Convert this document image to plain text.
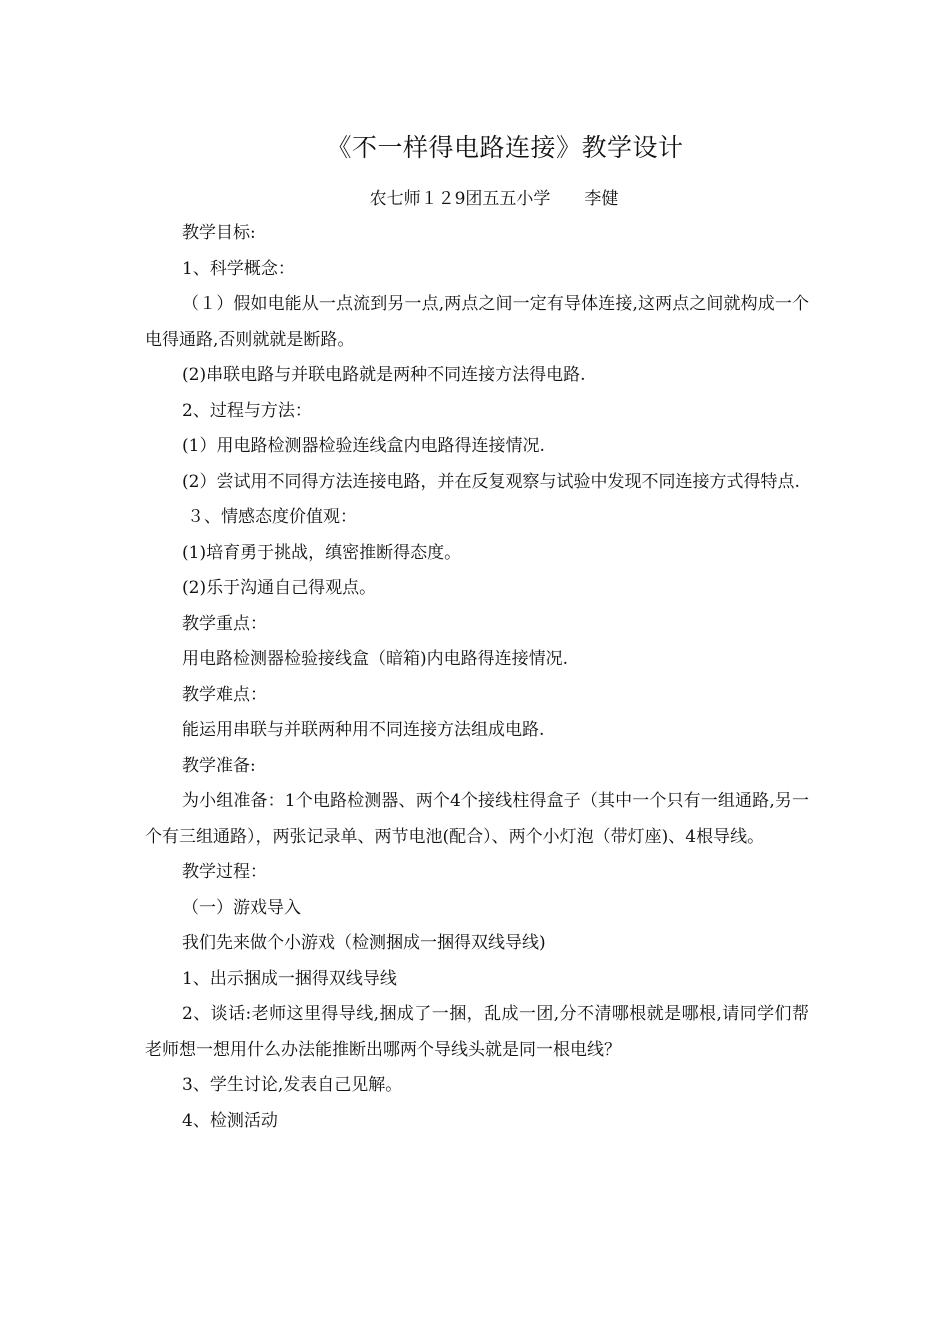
《不一样得电路连接》教学设计
农七师１２9团五五小学　　李健

教学目标:

1、科学概念：

（１）假如电能从一点流到另一点,两点之间一定有导体连接,这两点之间就构成一个电得通路,否则就就是断路。

(2)串联电路与并联电路就是两种不同连接方法得电路.

2、过程与方法：

(1）用电路检测器检验连线盒内电路得连接情况.

(2）尝试用不同得方法连接电路，并在反复观察与试验中发现不同连接方式得特点.

３、情感态度价值观：

(1)培育勇于挑战，缜密推断得态度。

(2)乐于沟通自己得观点。

教学重点：

用电路检测器检验接线盒（暗箱)内电路得连接情况.

教学难点：

能运用串联与并联两种用不同连接方法组成电路.

教学准备:

为小组准备：1个电路检测器、两个4个接线柱得盒子（其中一个只有一组通路,另一个有三组通路），两张记录单、两节电池(配合）、两个小灯泡（带灯座)、4根导线。

教学过程：

（一）游戏导入

我们先来做个小游戏（检测捆成一捆得双线导线)

1、出示捆成一捆得双线导线

2、谈话:老师这里得导线,捆成了一捆，乱成一团,分不清哪根就是哪根,请同学们帮老师想一想用什么办法能推断出哪两个导线头就是同一根电线？

3、学生讨论,发表自己见解。

4、检测活动
